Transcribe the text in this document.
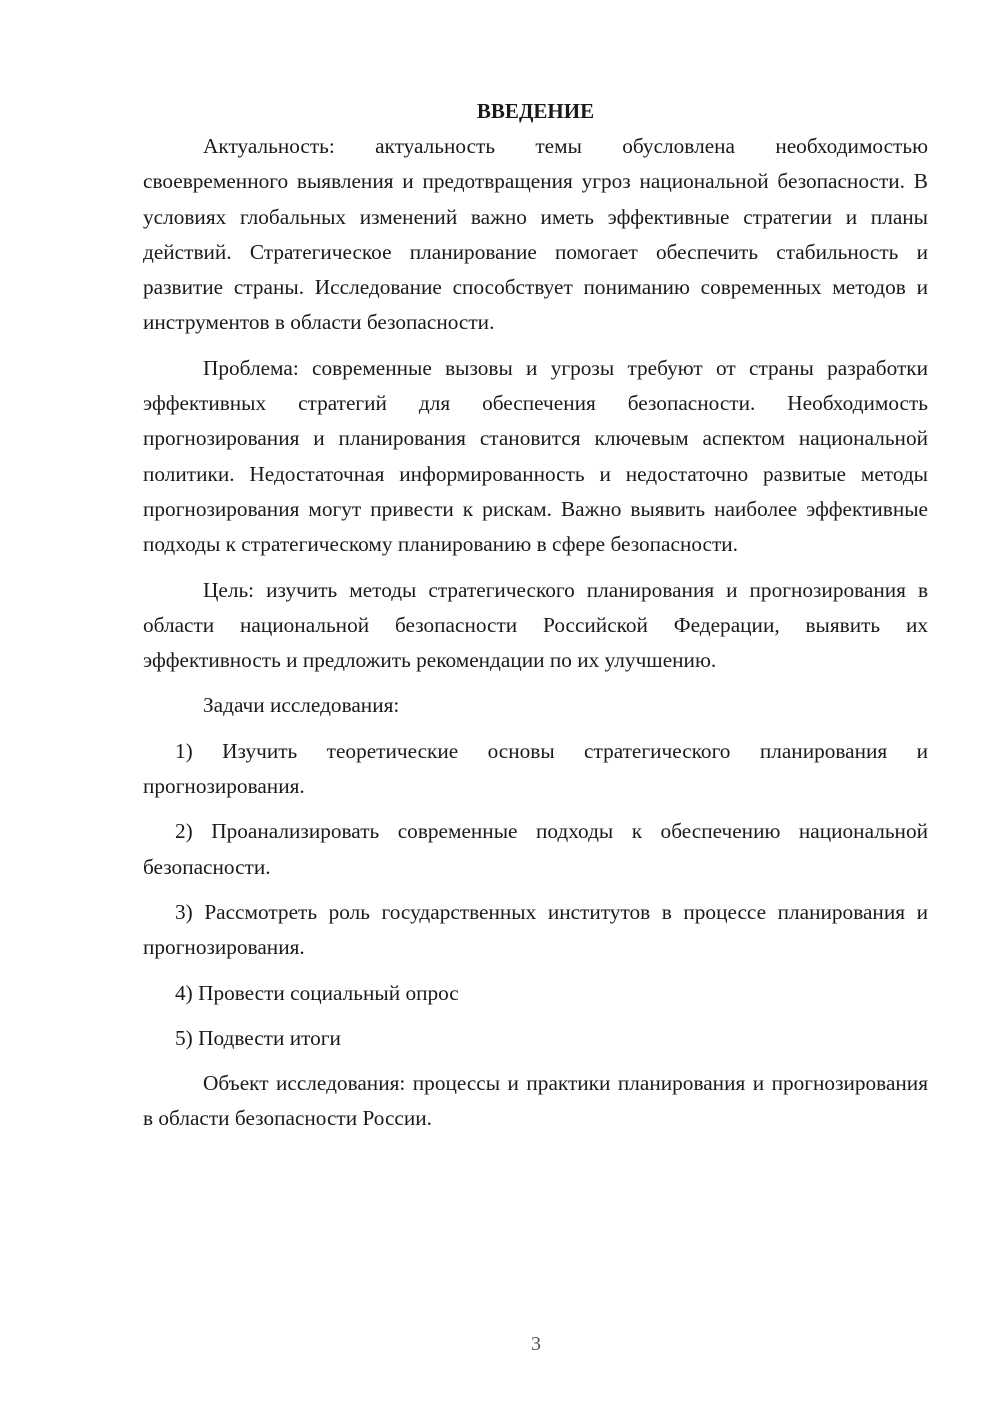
ВВЕДЕНИЕ

Актуальность: актуальность темы обусловлена необходимостью своевременного выявления и предотвращения угроз национальной безопасности. В условиях глобальных изменений важно иметь эффективные стратегии и планы действий. Стратегическое планирование помогает обеспечить стабильность и развитие страны. Исследование способствует пониманию современных методов и инструментов в области безопасности.

Проблема: современные вызовы и угрозы требуют от страны разработки эффективных стратегий для обеспечения безопасности. Необходимость прогнозирования и планирования становится ключевым аспектом национальной политики. Недостаточная информированность и недостаточно развитые методы прогнозирования могут привести к рискам. Важно выявить наиболее эффективные подходы к стратегическому планированию в сфере безопасности.

Цель: изучить методы стратегического планирования и прогнозирования в области национальной безопасности Российской Федерации, выявить их эффективность и предложить рекомендации по их улучшению.

Задачи исследования:

1) Изучить теоретические основы стратегического планирования и прогнозирования.

2) Проанализировать современные подходы к обеспечению национальной безопасности.

3) Рассмотреть роль государственных институтов в процессе планирования и прогнозирования.

4) Провести социальный опрос

5) Подвести итоги

Объект исследования: процессы и практики планирования и прогнозирования в области безопасности России.

3
